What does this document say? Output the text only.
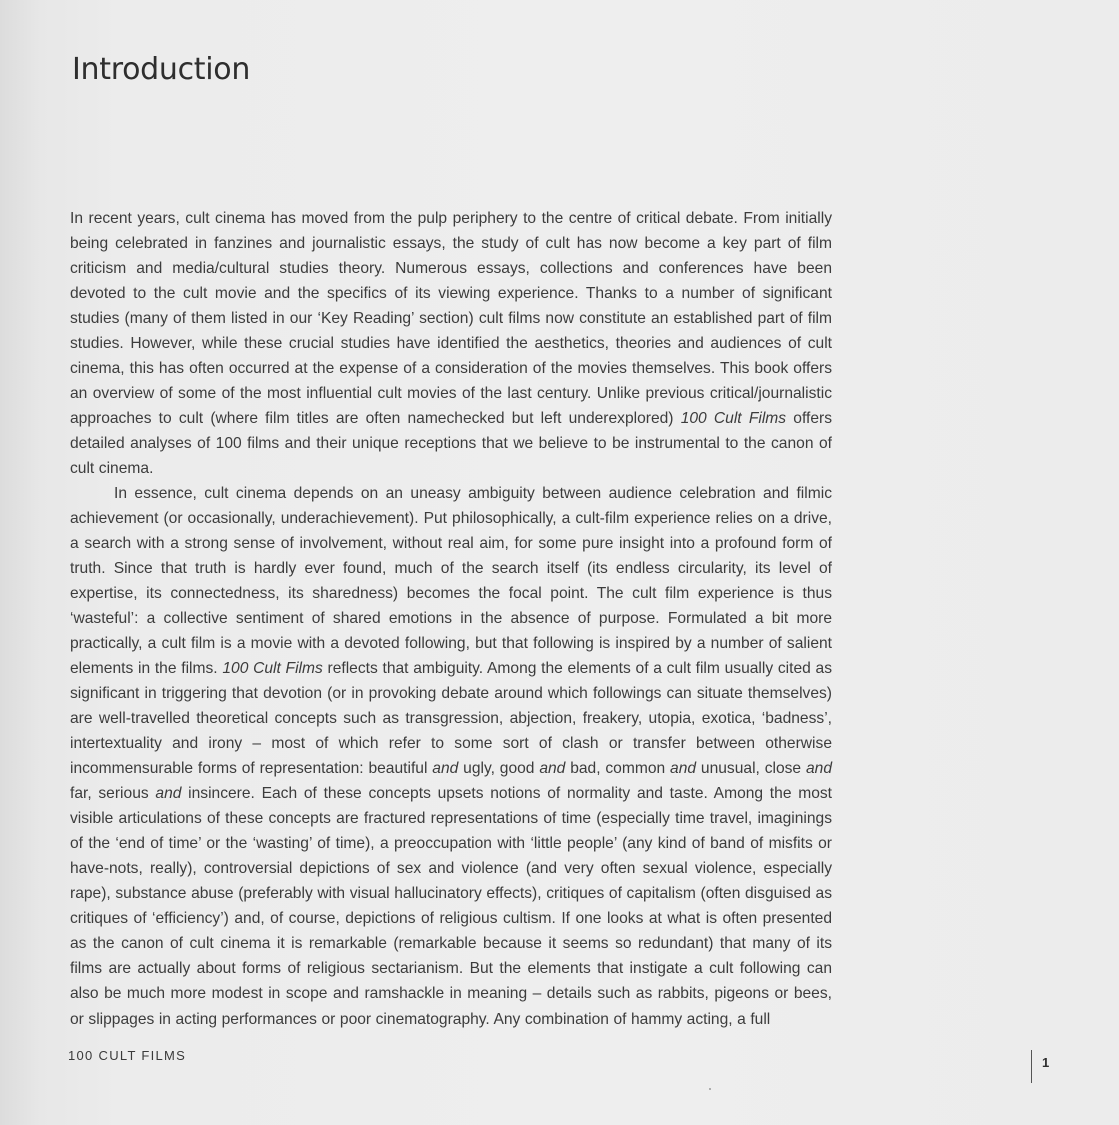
Introduction

In recent years, cult cinema has moved from the pulp periphery to the centre of critical debate. From initially being celebrated in fanzines and journalistic essays, the study of cult has now become a key part of film criticism and media/cultural studies theory. Numerous essays, collections and conferences have been devoted to the cult movie and the specifics of its viewing experience. Thanks to a number of significant studies (many of them listed in our ‘Key Reading’ section) cult films now constitute an established part of film studies. However, while these crucial studies have identified the aesthetics, theories and audiences of cult cinema, this has often occurred at the expense of a consideration of the movies themselves. This book offers an overview of some of the most influential cult movies of the last century. Unlike previous critical/journalistic approaches to cult (where film titles are often namechecked but left underexplored) 100 Cult Films offers detailed analyses of 100 films and their unique receptions that we believe to be instrumental to the canon of cult cinema.

In essence, cult cinema depends on an uneasy ambiguity between audience celebration and filmic achievement (or occasionally, underachievement). Put philosophically, a cult-film experience relies on a drive, a search with a strong sense of involvement, without real aim, for some pure insight into a profound form of truth. Since that truth is hardly ever found, much of the search itself (its endless circularity, its level of expertise, its connectedness, its sharedness) becomes the focal point. The cult film experience is thus ‘wasteful’: a collective sentiment of shared emotions in the absence of purpose. Formulated a bit more practically, a cult film is a movie with a devoted following, but that following is inspired by a number of salient elements in the films. 100 Cult Films reflects that ambiguity. Among the elements of a cult film usually cited as significant in triggering that devotion (or in provoking debate around which followings can situate themselves) are well-travelled theoretical concepts such as transgression, abjection, freakery, utopia, exotica, ‘badness’, intertextuality and irony – most of which refer to some sort of clash or transfer between otherwise incommensurable forms of representation: beautiful and ugly, good and bad, common and unusual, close and far, serious and insincere. Each of these concepts upsets notions of normality and taste. Among the most visible articulations of these concepts are fractured representations of time (especially time travel, imaginings of the ‘end of time’ or the ‘wasting’ of time), a preoccupation with ‘little people’ (any kind of band of misfits or have-nots, really), controversial depictions of sex and violence (and very often sexual violence, especially rape), substance abuse (preferably with visual hallucinatory effects), critiques of capitalism (often disguised as critiques of ‘efficiency’) and, of course, depictions of religious cultism. If one looks at what is often presented as the canon of cult cinema it is remarkable (remarkable because it seems so redundant) that many of its films are actually about forms of religious sectarianism. But the elements that instigate a cult following can also be much more modest in scope and ramshackle in meaning – details such as rabbits, pigeons or bees, or slippages in acting performances or poor cinematography. Any combination of hammy acting, a full

100 CULT FILMS	1
